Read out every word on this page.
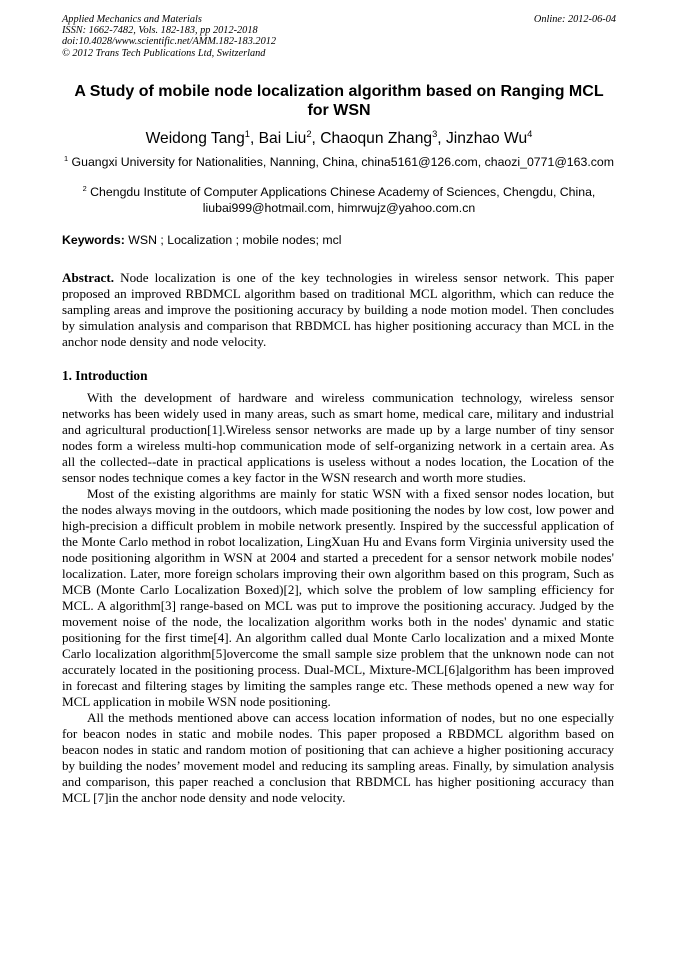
Applied Mechanics and Materials
ISSN: 1662-7482, Vols. 182-183, pp 2012-2018
doi:10.4028/www.scientific.net/AMM.182-183.2012
© 2012 Trans Tech Publications Ltd, Switzerland
Online: 2012-06-04
A Study of mobile node localization algorithm based on Ranging MCL for WSN
Weidong Tang$^1$, Bai Liu$^2$, Chaoqun Zhang$^3$, Jinzhao Wu$^4$
$^1$ Guangxi University for Nationalities, Nanning, China, china5161@126.com, chaozi_0771@163.com
$^2$ Chengdu Institute of Computer Applications Chinese Academy of Sciences, Chengdu, China, liubai999@hotmail.com, himrwujz@yahoo.com.cn
Keywords: WSN ; Localization ; mobile nodes; mcl
Abstract. Node localization is one of the key technologies in wireless sensor network. This paper proposed an improved RBDMCL algorithm based on traditional MCL algorithm, which can reduce the sampling areas and improve the positioning accuracy by building a node motion model. Then concludes by simulation analysis and comparison that RBDMCL has higher positioning accuracy than MCL in the anchor node density and node velocity.
1. Introduction

With the development of hardware and wireless communication technology, wireless sensor networks has been widely used in many areas, such as smart home, medical care, military and industrial and agricultural production[1].Wireless sensor networks are made up by a large number of tiny sensor nodes form a wireless multi-hop communication mode of self-organizing network in a certain area. As all the collected--date in practical applications is useless without a nodes location, the Location of the sensor nodes technique comes a key factor in the WSN research and worth more studies.

Most of the existing algorithms are mainly for static WSN with a fixed sensor nodes location, but the nodes always moving in the outdoors, which made positioning the nodes by low cost, low power and high-precision a difficult problem in mobile network presently. Inspired by the successful application of the Monte Carlo method in robot localization, LingXuan Hu and Evans form Virginia university used the node positioning algorithm in WSN at 2004 and started a precedent for a sensor network mobile nodes' localization. Later, more foreign scholars improving their own algorithm based on this program, Such as MCB (Monte Carlo Localization Boxed)[2], which solve the problem of low sampling efficiency for MCL. A algorithm[3] range-based on MCL was put to improve the positioning accuracy. Judged by the movement noise of the node, the localization algorithm works both in the nodes' dynamic and static positioning for the first time[4]. An algorithm called dual Monte Carlo localization and a mixed Monte Carlo localization algorithm[5]overcome the small sample size problem that the unknown node can not accurately located in the positioning process. Dual-MCL, Mixture-MCL[6]algorithm has been improved in forecast and filtering stages by limiting the samples range etc. These methods opened a new way for MCL application in mobile WSN node positioning.

All the methods mentioned above can access location information of nodes, but no one especially for beacon nodes in static and mobile nodes. This paper proposed a RBDMCL algorithm based on beacon nodes in static and random motion of positioning that can achieve a higher positioning accuracy by building the nodes’ movement model and reducing its sampling areas. Finally, by simulation analysis and comparison, this paper reached a conclusion that RBDMCL has higher positioning accuracy than MCL [7]in the anchor node density and node velocity.
